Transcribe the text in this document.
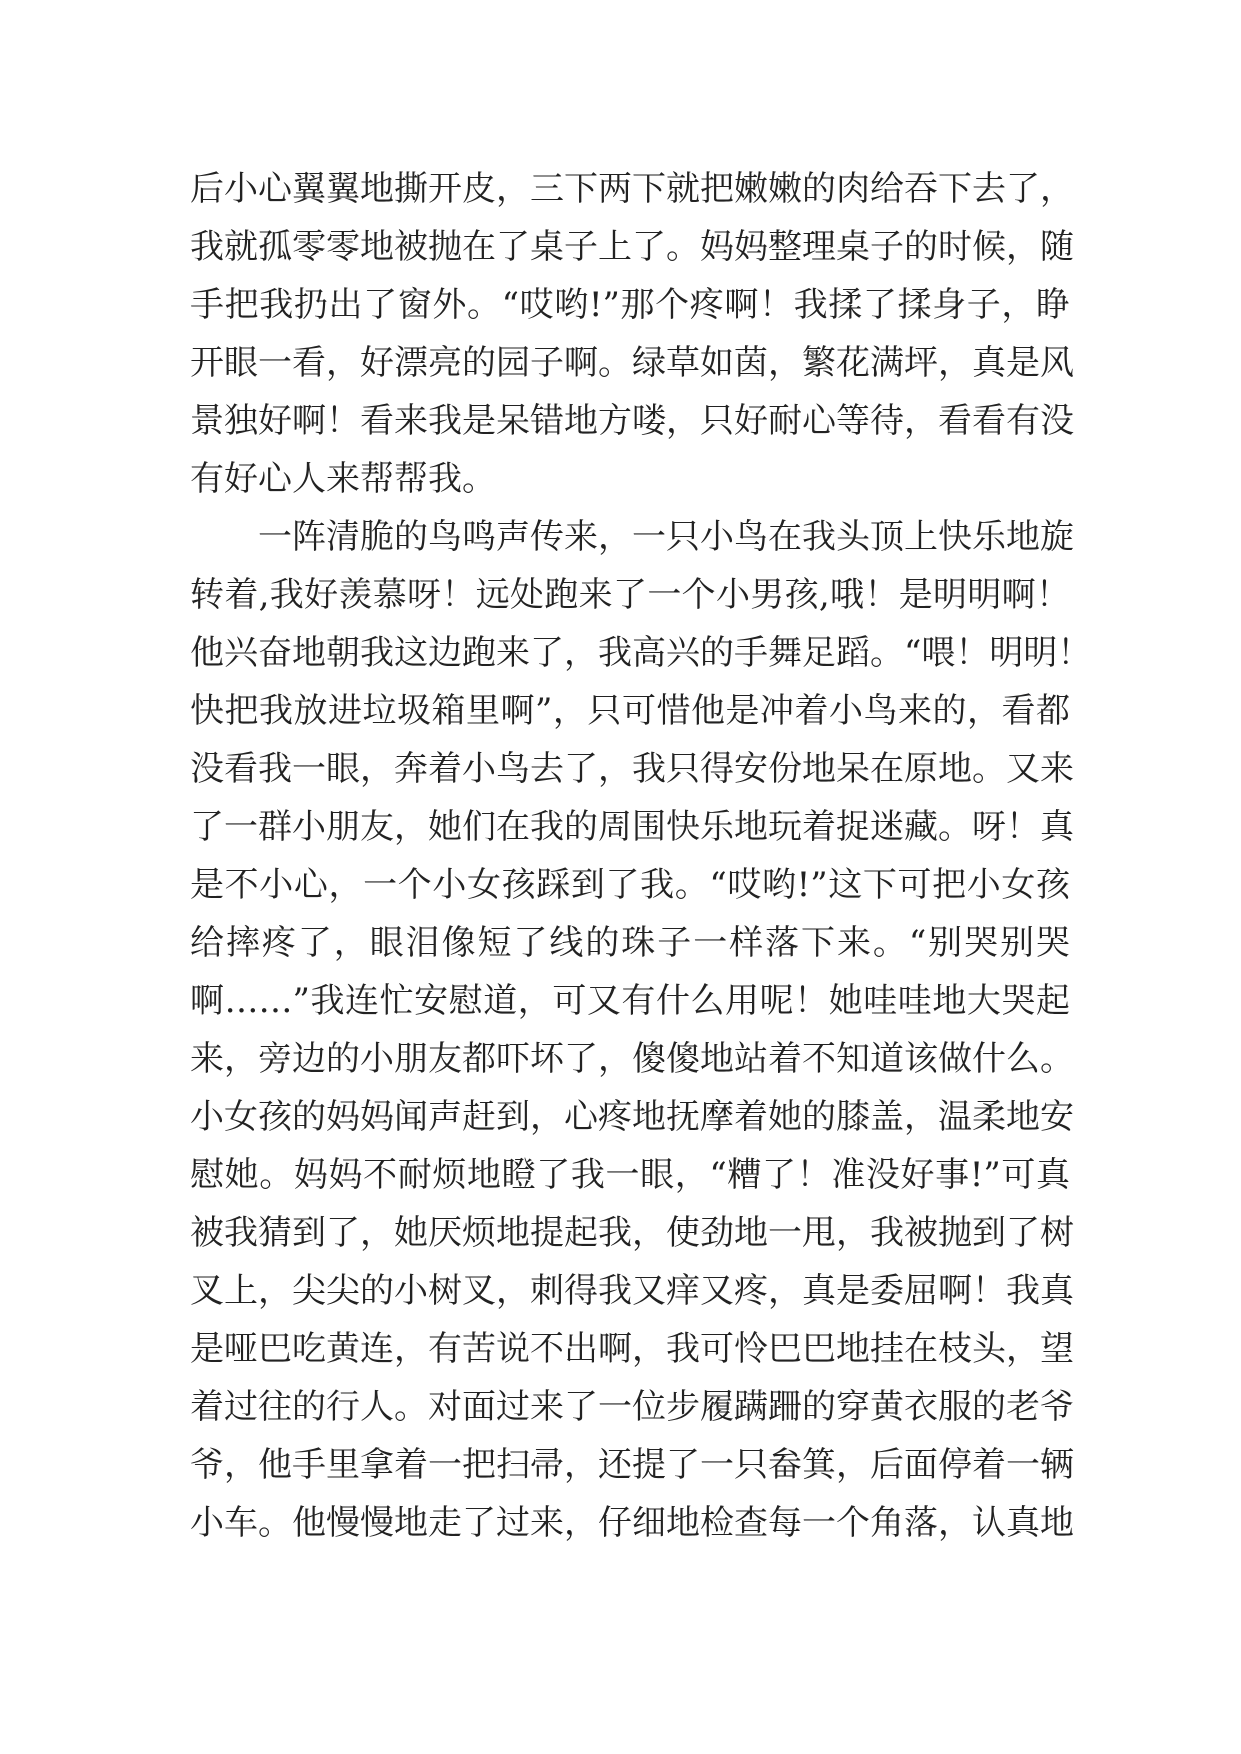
后小心翼翼地撕开皮，三下两下就把嫩嫩的肉给吞下去了，
我就孤零零地被抛在了桌子上了。妈妈整理桌子的时候，随
手把我扔出了窗外。“哎哟!”那个疼啊！我揉了揉身子，睁
开眼一看，好漂亮的园子啊。绿草如茵，繁花满坪，真是风
景独好啊！看来我是呆错地方喽，只好耐心等待，看看有没
有好心人来帮帮我。
一阵清脆的鸟鸣声传来，一只小鸟在我头顶上快乐地旋
转着,我好羡慕呀！远处跑来了一个小男孩,哦！是明明啊！
他兴奋地朝我这边跑来了，我高兴的手舞足蹈。“喂！明明！
快把我放进垃圾箱里啊”，只可惜他是冲着小鸟来的，看都
没看我一眼，奔着小鸟去了，我只得安份地呆在原地。又来
了一群小朋友，她们在我的周围快乐地玩着捉迷藏。呀！真
是不小心，一个小女孩踩到了我。“哎哟!”这下可把小女孩
给摔疼了，眼泪像短了线的珠子一样落下来。“别哭别哭
啊……”我连忙安慰道，可又有什么用呢！她哇哇地大哭起
来，旁边的小朋友都吓坏了，傻傻地站着不知道该做什么。
小女孩的妈妈闻声赶到，心疼地抚摩着她的膝盖，温柔地安
慰她。妈妈不耐烦地瞪了我一眼，“糟了！准没好事!”可真
被我猜到了，她厌烦地提起我，使劲地一甩，我被抛到了树
叉上，尖尖的小树叉，刺得我又痒又疼，真是委屈啊！我真
是哑巴吃黄连，有苦说不出啊，我可怜巴巴地挂在枝头，望
着过往的行人。对面过来了一位步履蹒跚的穿黄衣服的老爷
爷，他手里拿着一把扫帚，还提了一只畚箕，后面停着一辆
小车。他慢慢地走了过来，仔细地检查每一个角落，认真地
